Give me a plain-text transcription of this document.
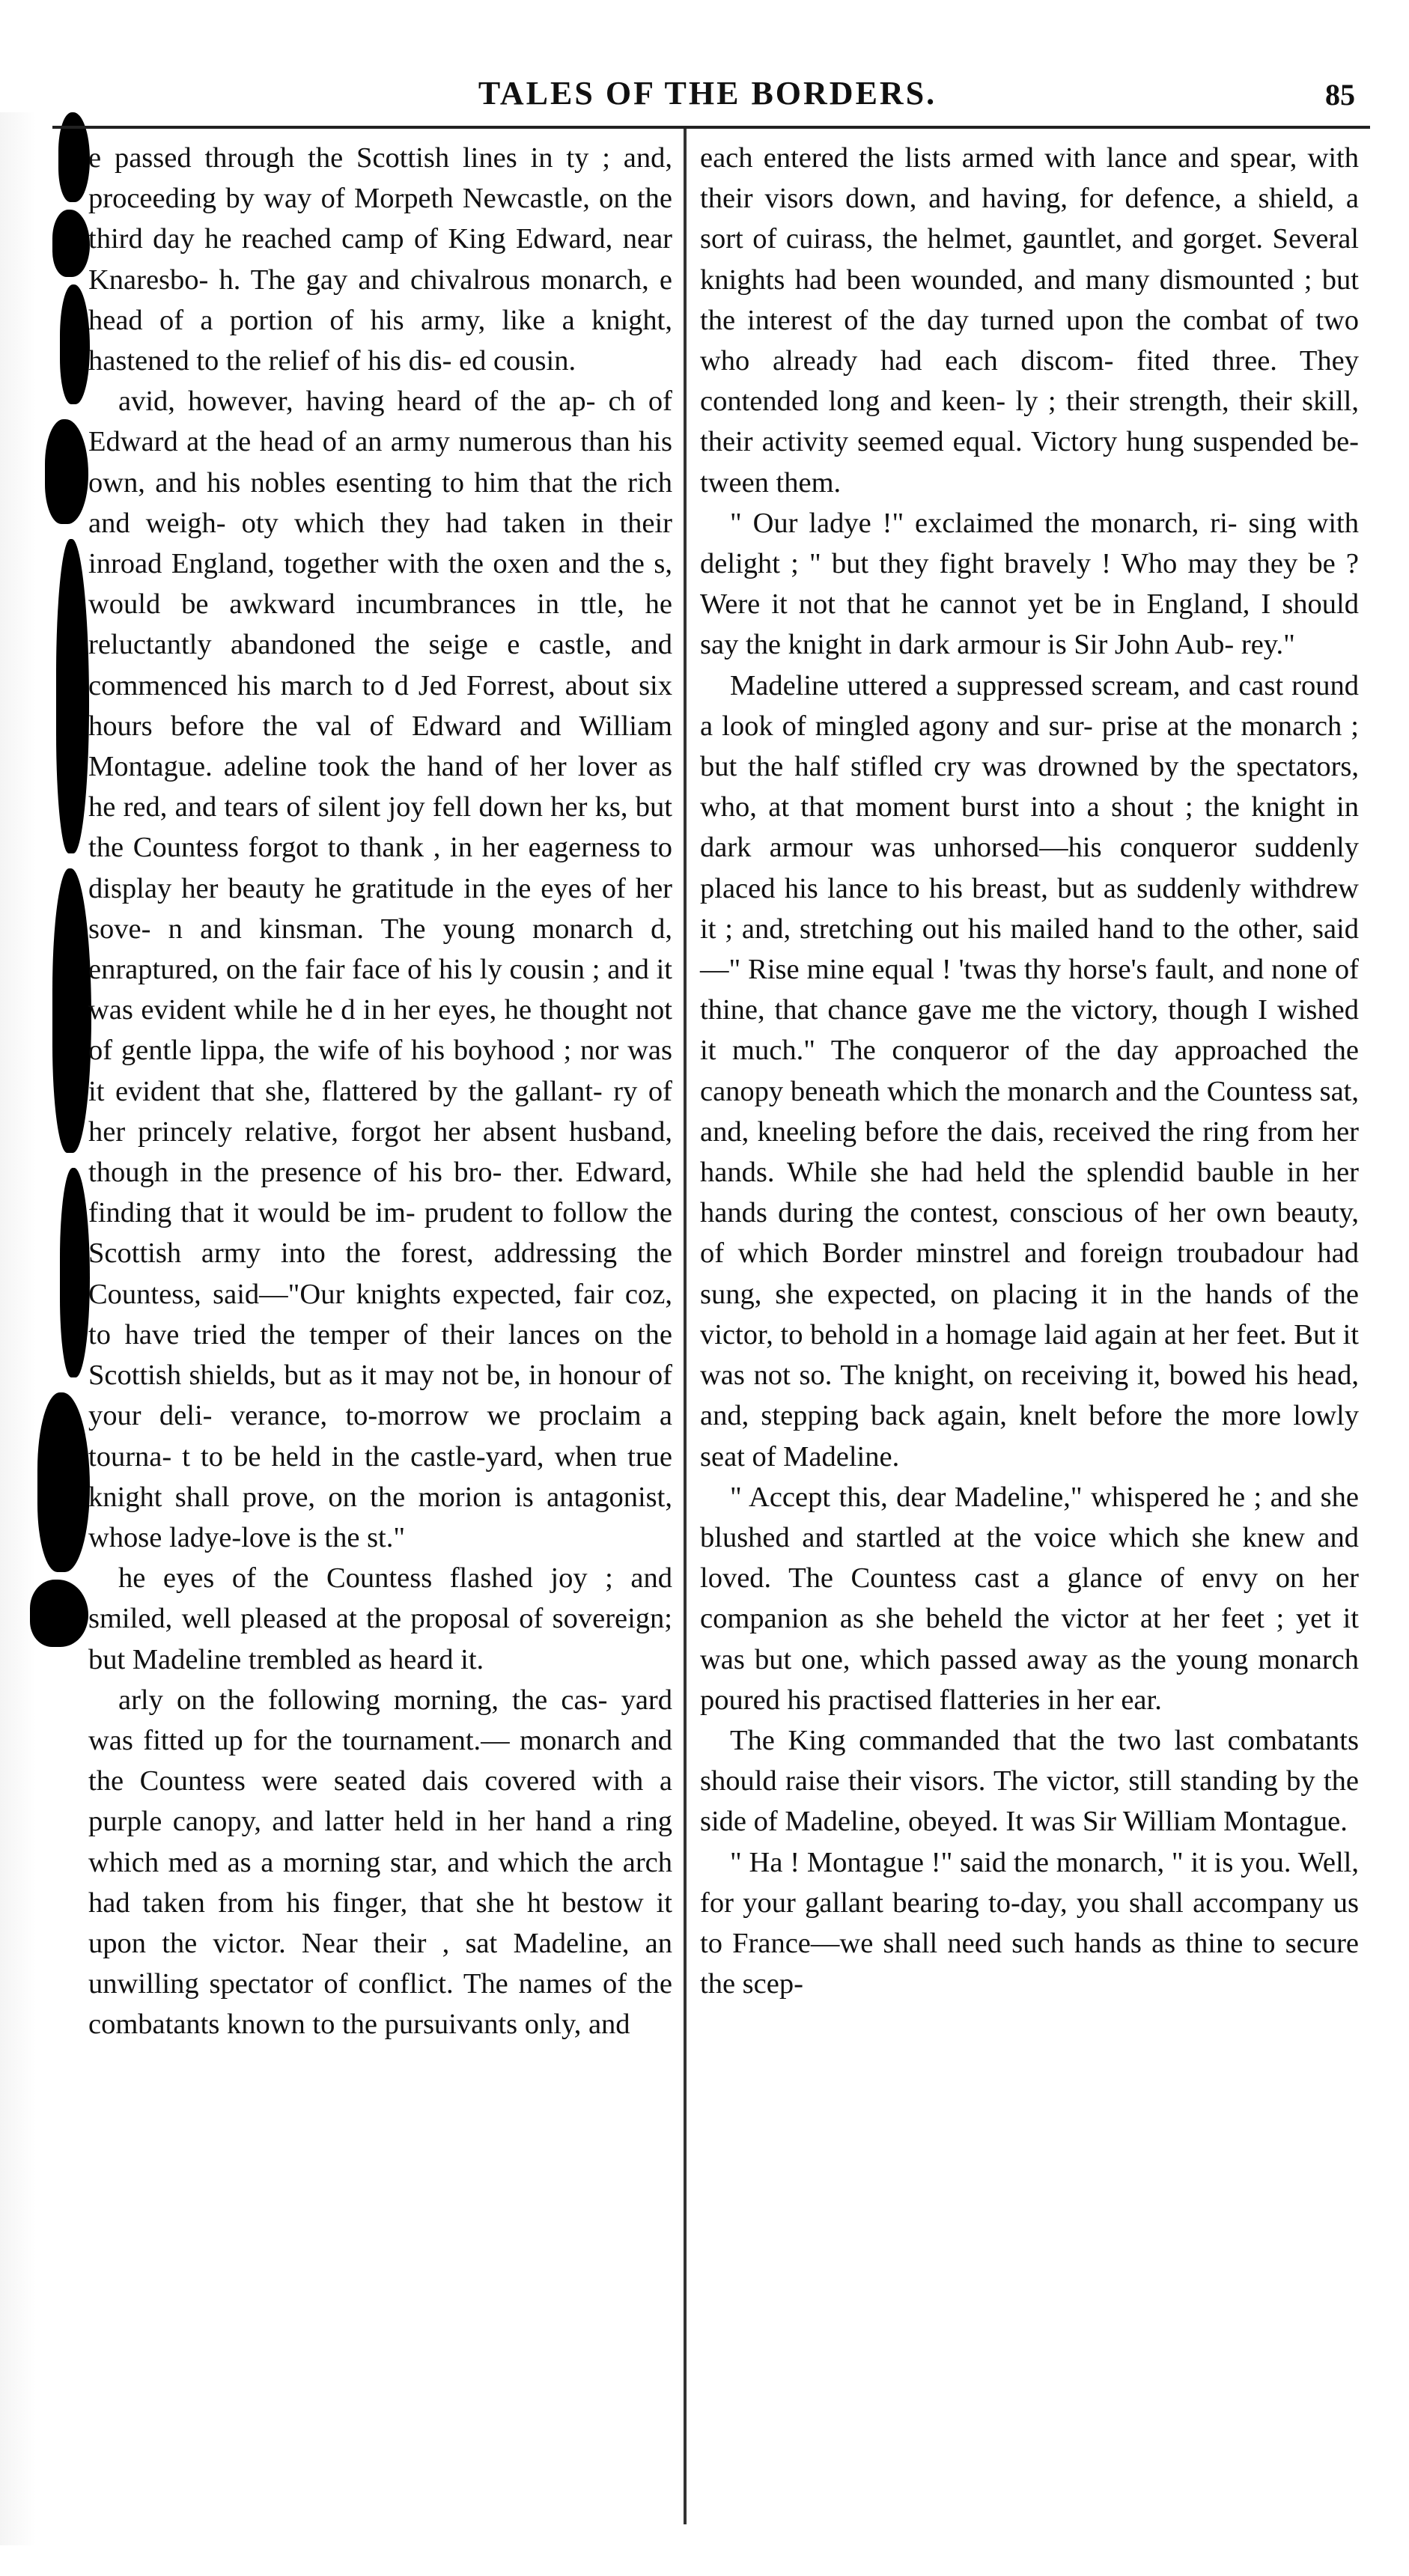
TALES OF THE BORDERS.	85

e passed through the Scottish lines in ty ; and, proceeding by way of Morpeth Newcastle, on the third day he reached camp of King Edward, near Knaresbo- h. The gay and chivalrous monarch, e head of a portion of his army, like a knight, hastened to the relief of his dis- ed cousin.

avid, however, having heard of the ap- ch of Edward at the head of an army numerous than his own, and his nobles esenting to him that the rich and weigh- oty which they had taken in their inroad England, together with the oxen and the s, would be awkward incumbrances in ttle, he reluctantly abandoned the seige e castle, and commenced his march to d Jed Forrest, about six hours before the val of Edward and William Montague. adeline took the hand of her lover as he red, and tears of silent joy fell down her ks, but the Countess forgot to thank , in her eagerness to display her beauty he gratitude in the eyes of her sove- n and kinsman. The young monarch d, enraptured, on the fair face of his ly cousin ; and it was evident while he d in her eyes, he thought not of gentle lippa, the wife of his boyhood ; nor was it evident that she, flattered by the gallant- ry of her princely relative, forgot her absent husband, though in the presence of his bro- ther. Edward, finding that it would be im- prudent to follow the Scottish army into the forest, addressing the Countess, said—"Our knights expected, fair coz, to have tried the temper of their lances on the Scottish shields, but as it may not be, in honour of your deli- verance, to-morrow we proclaim a tourna- t to be held in the castle-yard, when true knight shall prove, on the morion is antagonist, whose ladye-love is the st."

he eyes of the Countess flashed joy ; and smiled, well pleased at the proposal of sovereign; but Madeline trembled as heard it.

arly on the following morning, the cas- yard was fitted up for the tournament.— monarch and the Countess were seated dais covered with a purple canopy, and latter held in her hand a ring which med as a morning star, and which the arch had taken from his finger, that she ht bestow it upon the victor. Near their , sat Madeline, an unwilling spectator of conflict. The names of the combatants known to the pursuivants only, and

each entered the lists armed with lance and spear, with their visors down, and having, for defence, a shield, a sort of cuirass, the helmet, gauntlet, and gorget. Several knights had been wounded, and many dismounted ; but the interest of the day turned upon the combat of two who already had each discom- fited three. They contended long and keen- ly ; their strength, their skill, their activity seemed equal. Victory hung suspended be- tween them.

" Our ladye !" exclaimed the monarch, ri- sing with delight ; " but they fight bravely ! Who may they be ? Were it not that he cannot yet be in England, I should say the knight in dark armour is Sir John Aub- rey."

Madeline uttered a suppressed scream, and cast round a look of mingled agony and sur- prise at the monarch ; but the half stifled cry was drowned by the spectators, who, at that moment burst into a shout ; the knight in dark armour was unhorsed—his conqueror suddenly placed his lance to his breast, but as suddenly withdrew it ; and, stretching out his mailed hand to the other, said—" Rise mine equal ! 'twas thy horse's fault, and none of thine, that chance gave me the victory, though I wished it much." The conqueror of the day approached the canopy beneath which the monarch and the Countess sat, and, kneeling before the dais, received the ring from her hands. While she had held the splendid bauble in her hands during the contest, conscious of her own beauty, of which Border minstrel and foreign troubadour had sung, she expected, on placing it in the hands of the victor, to behold in a homage laid again at her feet. But it was not so. The knight, on receiving it, bowed his head, and, stepping back again, knelt before the more lowly seat of Madeline.

" Accept this, dear Madeline," whispered he ; and she blushed and startled at the voice which she knew and loved. The Countess cast a glance of envy on her companion as she beheld the victor at her feet ; yet it was but one, which passed away as the young monarch poured his practised flatteries in her ear.

The King commanded that the two last combatants should raise their visors. The victor, still standing by the side of Madeline, obeyed. It was Sir William Montague.

" Ha ! Montague !" said the monarch, " it is you. Well, for your gallant bearing to-day, you shall accompany us to France—we shall need such hands as thine to secure the scep-
